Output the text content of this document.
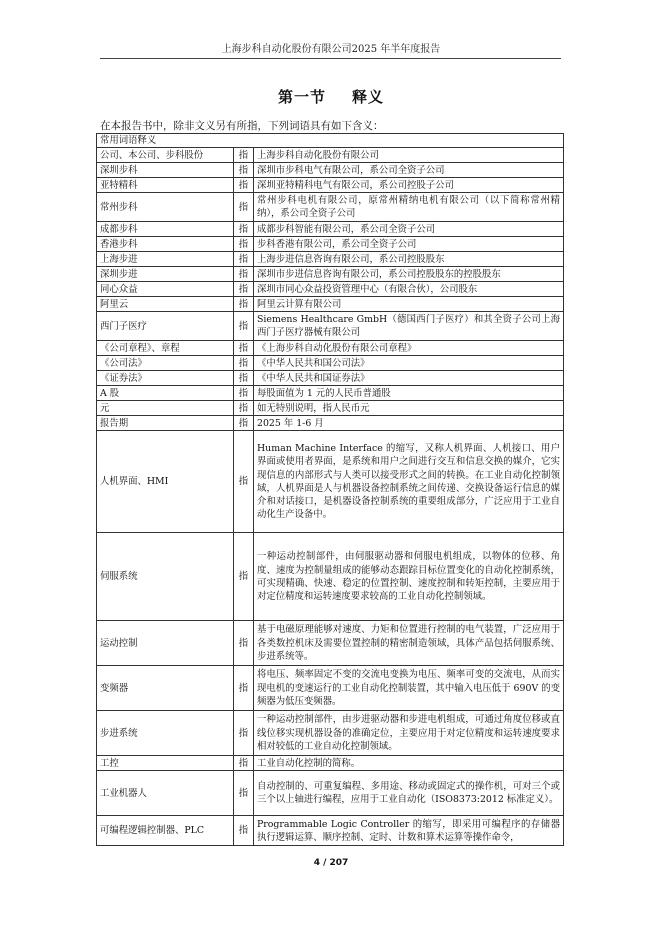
上海步科自动化股份有限公司2025 年半年度报告
第一节 释义
在本报告书中，除非文义另有所指，下列词语具有如下含义：
常用词语释义		
公司、本公司、步科股份	指	上海步科自动化股份有限公司
深圳步科	指	深圳市步科电气有限公司，系公司全资子公司
亚特精科	指	深圳亚特精科电气有限公司，系公司控股子公司
常州步科	指	常州步科电机有限公司，原常州精纳电机有限公司（以下简称常州精纳），系公司全资子公司
成都步科	指	成都步科智能有限公司，系公司全资子公司
香港步科	指	步科香港有限公司，系公司全资子公司
上海步进	指	上海步进信息咨询有限公司，系公司控股股东
深圳步进	指	深圳市步进信息咨询有限公司，系公司控股股东的控股股东
同心众益	指	深圳市同心众益投资管理中心（有限合伙），公司股东
阿里云	指	阿里云计算有限公司
西门子医疗	指	Siemens Healthcare GmbH（德国西门子医疗）和其全资子公司上海西门子医疗器械有限公司
《公司章程》、章程	指	《上海步科自动化股份有限公司章程》
《公司法》	指	《中华人民共和国公司法》
《证券法》	指	《中华人民共和国证券法》
A 股	指	每股面值为 1 元的人民币普通股
元	指	如无特别说明，指人民币元
报告期	指	2025 年 1-6 月
人机界面、HMI	指	Human Machine Interface 的缩写，又称人机界面、人机接口、用户界面或使用者界面，是系统和用户之间进行交互和信息交换的媒介，它实现信息的内部形式与人类可以接受形式之间的转换。在工业自动化控制领域，人机界面是人与机器设备控制系统之间传递、交换设备运行信息的媒介和对话接口，是机器设备控制系统的重要组成部分，广泛应用于工业自动化生产设备中。
伺服系统	指	一种运动控制部件，由伺服驱动器和伺服电机组成，以物体的位移、角度、速度为控制量组成的能够动态跟踪目标位置变化的自动化控制系统，可实现精确、快速、稳定的位置控制、速度控制和转矩控制，主要应用于对定位精度和运转速度要求较高的工业自动化控制领域。
运动控制	指	基于电磁原理能够对速度、力矩和位置进行控制的电气装置，广泛应用于各类数控机床及需要位置控制的精密制造领域，具体产品包括伺服系统、步进系统等。
变频器	指	将电压、频率固定不变的交流电变换为电压、频率可变的交流电，从而实现电机的变速运行的工业自动化控制装置，其中输入电压低于 690V 的变频器为低压变频器。
步进系统	指	一种运动控制部件，由步进驱动器和步进电机组成，可通过角度位移或直线位移实现机器设备的准确定位，主要应用于对定位精度和运转速度要求相对较低的工业自动化控制领域。
工控	指	工业自动化控制的简称。
工业机器人	指	自动控制的、可重复编程、多用途、移动或固定式的操作机，可对三个或三个以上轴进行编程，应用于工业自动化（ISO8373:2012 标准定义）。
可编程逻辑控制器、PLC	指	Programmable Logic Controller 的缩写，即采用可编程序的存储器执行逻辑运算、顺序控制、定时、计数和算术运算等操作命令，
4 / 207
